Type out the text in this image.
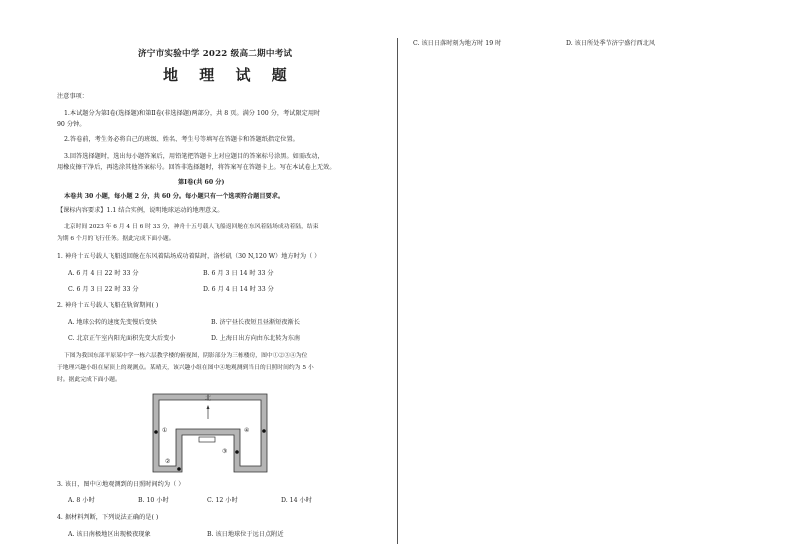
济宁市实验中学 2022 级高二期中考试
地 理 试 题
注意事项：
1.本试题分为第Ⅰ卷(选择题)和第Ⅱ卷(非选择题)两部分，共 8 页。满分 100 分，考试限定用时
90 分钟。
2.答卷前，考生务必将自己的班级、姓名、考生号等填写在答题卡和答题纸指定位置。
3.回答选择题时，选出每小题答案后，用铅笔把答题卡上对应题目的答案标号涂黑。如需改动，
用橡皮擦干净后，再选涂其他答案标号。回答非选择题时，将答案写在答题卡上。写在本试卷上无效。
第Ⅰ卷(共 60 分)
本卷共 30 小题，每小题 2 分，共 60 分。每小题只有一个选项符合题目要求。
【课标内容要求】1.1 结合实例，说明地球运动的地理意义。
北京时间 2023 年 6 月 4 日 6 时 33 分，神舟十五号载人飞船返回舱在东风着陆场成功着陆，结束
为期 6 个月的飞行任务。据此完成下面小题。
1. 神舟十五号载人飞船返回舱在东风着陆场成功着陆时，洛杉矶（30 N,120 W）地方时为（ ）
A. 6 月 4 日 22 时 33 分	B. 6 月 3 日 14 时 33 分
C. 6 月 3 日 22 时 33 分	D. 6 月 4 日 14 时 33 分
2. 神舟十五号载人飞船在轨留期间( )
A. 地球公转的速度先变慢后变快	B. 济宁昼长夜短且昼渐短夜渐长
C. 北京正午室内阳光面积先变大后变小	D. 上海日出方向由东北转为东南
下图为我国东部平原某中学一栋六层教学楼的俯视图，阴影部分为三栋楼房，图中①②③④为位
于地理兴趣小组在屋顶上的观测点。某晴天，该兴趣小组在图中④地观测到当日的日照时间约为 5 小
时。据此完成下面小题。
北
①
②
③
④
3. 该日，图中②地观测到的日照时间约为（ ）
A. 8 小时	B. 10 小时	C. 12 小时	D. 14 小时
4. 据材料判断，下列说法正确的是( )
A. 该日南极地区出现极夜现象	B. 该日地球位于远日点附近
C. 该日日落时刻为地方时 19 时	D. 该日所处季节济宁盛行西北风
